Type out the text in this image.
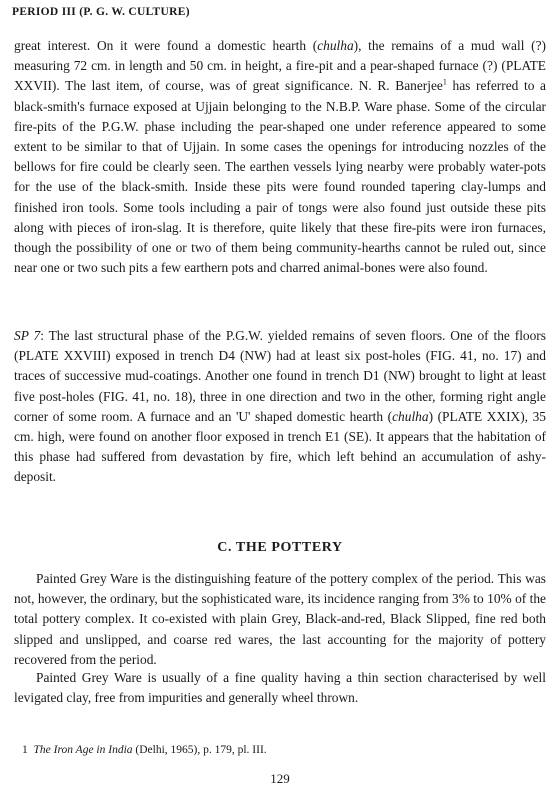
PERIOD III (P. G. W. CULTURE)
great interest. On it were found a domestic hearth (chulha), the remains of a mud wall (?) measuring 72 cm. in length and 50 cm. in height, a fire-pit and a pear-shaped furnace (?) (PLATE XXVII). The last item, of course, was of great significance. N. R. Banerjee$^1$ has referred to a black-smith's furnace exposed at Ujjain belonging to the N.B.P. Ware phase. Some of the circular fire-pits of the P.G.W. phase including the pear-shaped one under reference appeared to some extent to be similar to that of Ujjain. In some cases the openings for introducing nozzles of the bellows for fire could be clearly seen. The earthen vessels lying nearby were probably water-pots for the use of the black-smith. Inside these pits were found rounded tapering clay-lumps and finished iron tools. Some tools including a pair of tongs were also found just outside these pits along with pieces of iron-slag. It is therefore, quite likely that these fire-pits were iron furnaces, though the possibility of one or two of them being community-hearths cannot be ruled out, since near one or two such pits a few earthern pots and charred animal-bones were also found.
SP 7: The last structural phase of the P.G.W. yielded remains of seven floors. One of the floors (PLATE XXVIII) exposed in trench D4 (NW) had at least six post-holes (FIG. 41, no. 17) and traces of successive mud-coatings. Another one found in trench D1 (NW) brought to light at least five post-holes (FIG. 41, no. 18), three in one direction and two in the other, forming right angle corner of some room. A furnace and an 'U' shaped domestic hearth (chulha) (PLATE XXIX), 35 cm. high, were found on another floor exposed in trench E1 (SE). It appears that the habitation of this phase had suffered from devastation by fire, which left behind an accumulation of ashy-deposit.
C. THE POTTERY
Painted Grey Ware is the distinguishing feature of the pottery complex of the period. This was not, however, the ordinary, but the sophisticated ware, its incidence ranging from 3% to 10% of the total pottery complex. It co-existed with plain Grey, Black-and-red, Black Slipped, fine red both slipped and unslipped, and coarse red wares, the last accounting for the majority of pottery recovered from the period.
Painted Grey Ware is usually of a fine quality having a thin section characterised by well levigated clay, free from impurities and generally wheel thrown.
1 The Iron Age in India (Delhi, 1965), p. 179, pl. III.
129
